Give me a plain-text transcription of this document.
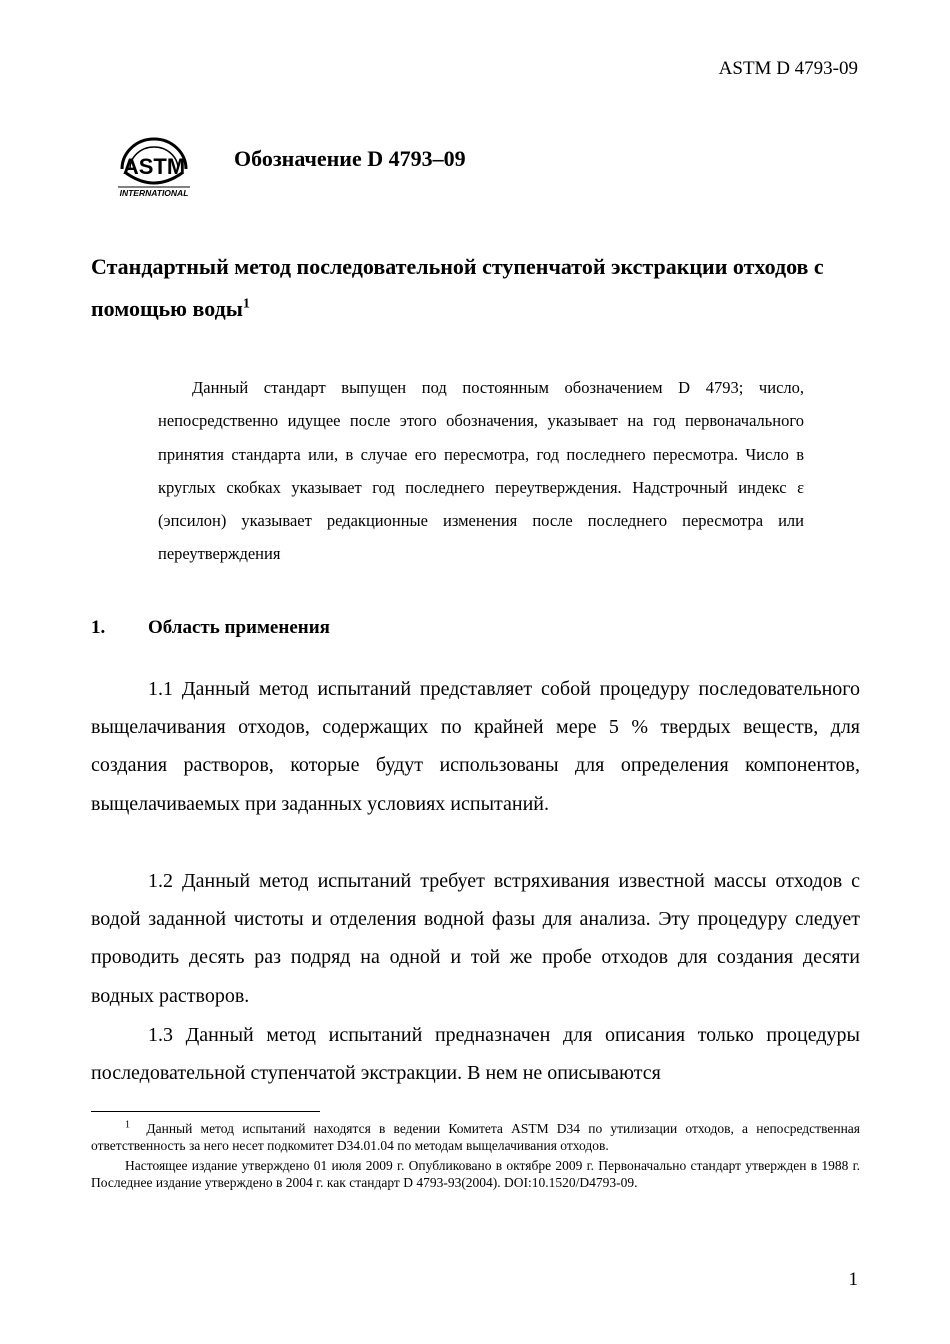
ASTM D 4793-09
ASTM
INTERNATIONAL
Обозначение D 4793–09
Стандартный метод последовательной ступенчатой экстракции отходов с помощью воды$^1$
Данный стандарт выпущен под постоянным обозначением D 4793; число, непосредственно идущее после этого обозначения, указывает на год первоначального принятия стандарта или, в случае его пересмотра, год последнего пересмотра. Число в круглых скобках указывает год последнего переутверждения. Надстрочный индекс ε (эпсилон) указывает редакционные изменения после последнего пересмотра или переутверждения
1. Область применения
1.1 Данный метод испытаний представляет собой процедуру последовательного выщелачивания отходов, содержащих по крайней мере 5 % твердых веществ, для создания растворов, которые будут использованы для определения компонентов, выщелачиваемых при заданных условиях испытаний.
1.2 Данный метод испытаний требует встряхивания известной массы отходов с водой заданной чистоты и отделения водной фазы для анализа. Эту процедуру следует проводить десять раз подряд на одной и той же пробе отходов для создания десяти водных растворов.
1.3 Данный метод испытаний предназначен для описания только процедуры последовательной ступенчатой экстракции. В нем не описываются
$^1$ Данный метод испытаний находятся в ведении Комитета ASTM D34 по утилизации отходов, а непосредственная ответственность за него несет подкомитет D34.01.04 по методам выщелачивания отходов.
Настоящее издание утверждено 01 июля 2009 г. Опубликовано в октябре 2009 г. Первоначально стандарт утвержден в 1988 г. Последнее издание утверждено в 2004 г. как стандарт D 4793-93(2004). DOI:10.1520/D4793-09.
1
